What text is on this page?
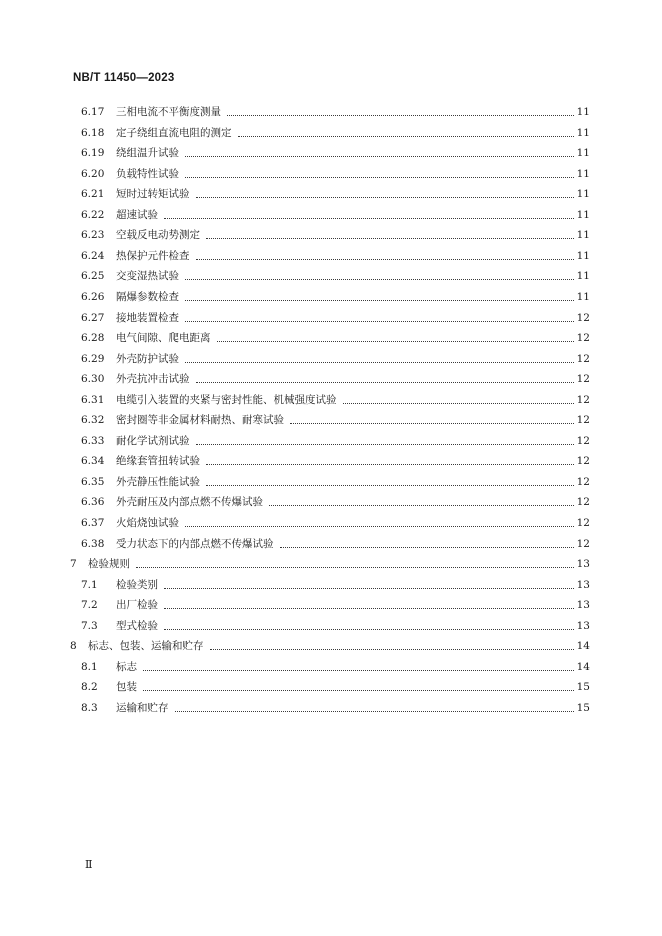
NB/T 11450—2023
6.17 三相电流不平衡度测量	11
6.18 定子绕组直流电阻的测定	11
6.19 绕组温升试验	11
6.20 负载特性试验	11
6.21 短时过转矩试验	11
6.22 超速试验	11
6.23 空载反电动势测定	11
6.24 热保护元件检查	11
6.25 交变湿热试验	11
6.26 隔爆参数检查	11
6.27 接地装置检查	12
6.28 电气间隙、爬电距离	12
6.29 外壳防护试验	12
6.30 外壳抗冲击试验	12
6.31 电缆引入装置的夹紧与密封性能、机械强度试验	12
6.32 密封圈等非金属材料耐热、耐寒试验	12
6.33 耐化学试剂试验	12
6.34 绝缘套管扭转试验	12
6.35 外壳静压性能试验	12
6.36 外壳耐压及内部点燃不传爆试验	12
6.37 火焰烧蚀试验	12
6.38 受力状态下的内部点燃不传爆试验	12
7 检验规则	13
7.1 检验类别	13
7.2 出厂检验	13
7.3 型式检验	13
8 标志、包装、运输和贮存	14
8.1 标志	14
8.2 包装	15
8.3 运输和贮存	15
Ⅱ
